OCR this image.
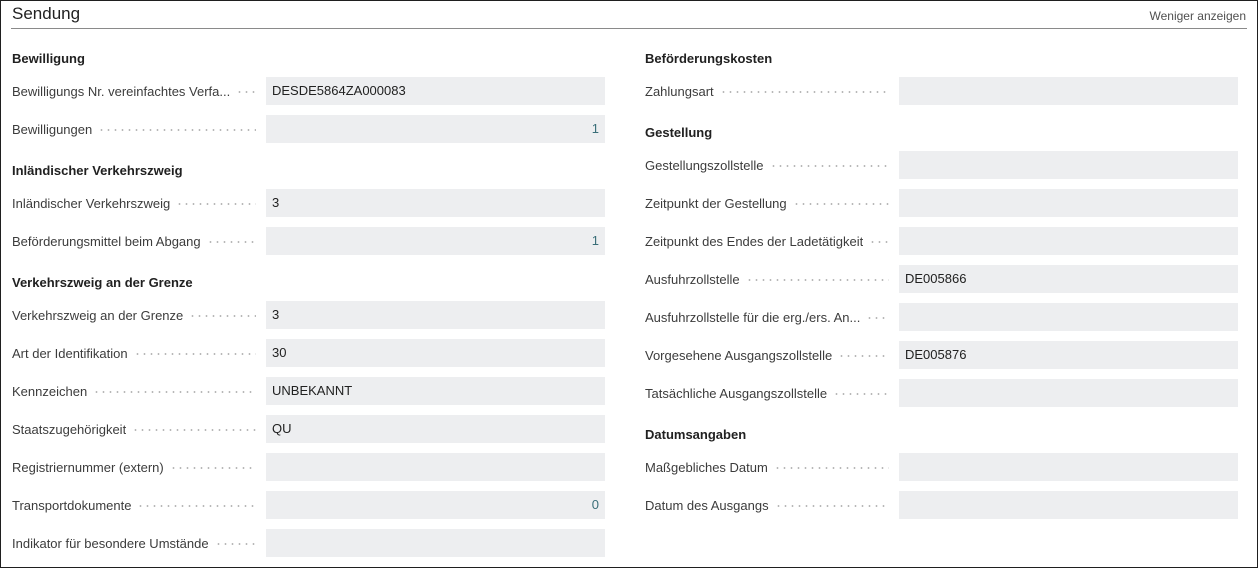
Sendung	Weniger anzeigen
Bewilligung
Bewilligungs Nr. vereinfachtes Verfa...	DESDE5864ZA000083
Bewilligungen	1
Inländischer Verkehrszweig
Inländischer Verkehrszweig	3
Beförderungsmittel beim Abgang	1
Verkehrszweig an der Grenze
Verkehrszweig an der Grenze	3
Art der Identifikation	30
Kennzeichen	UNBEKANNT
Staatszugehörigkeit	QU
Registriernummer (extern)
Transportdokumente	0
Indikator für besondere Umstände
Beförderungskosten
Zahlungsart
Gestellung
Gestellungszollstelle
Zeitpunkt der Gestellung
Zeitpunkt des Endes der Ladetätigkeit
Ausfuhrzollstelle	DE005866
Ausfuhrzollstelle für die erg./ers. An...
Vorgesehene Ausgangszollstelle	DE005876
Tatsächliche Ausgangszollstelle
Datumsangaben
Maßgebliches Datum
Datum des Ausgangs
